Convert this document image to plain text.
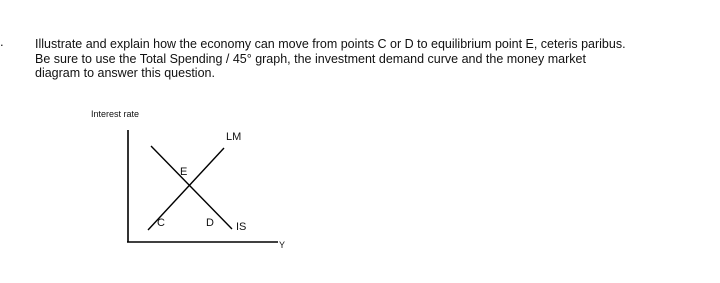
.	Illustrate and explain how the economy can move from points C or D to equilibrium point E, ceteris paribus.
Be sure to use the Total Spending / 45° graph, the investment demand curve and the money market
diagram to answer this question.
Interest rate
Y
LM
IS
E
C	D
